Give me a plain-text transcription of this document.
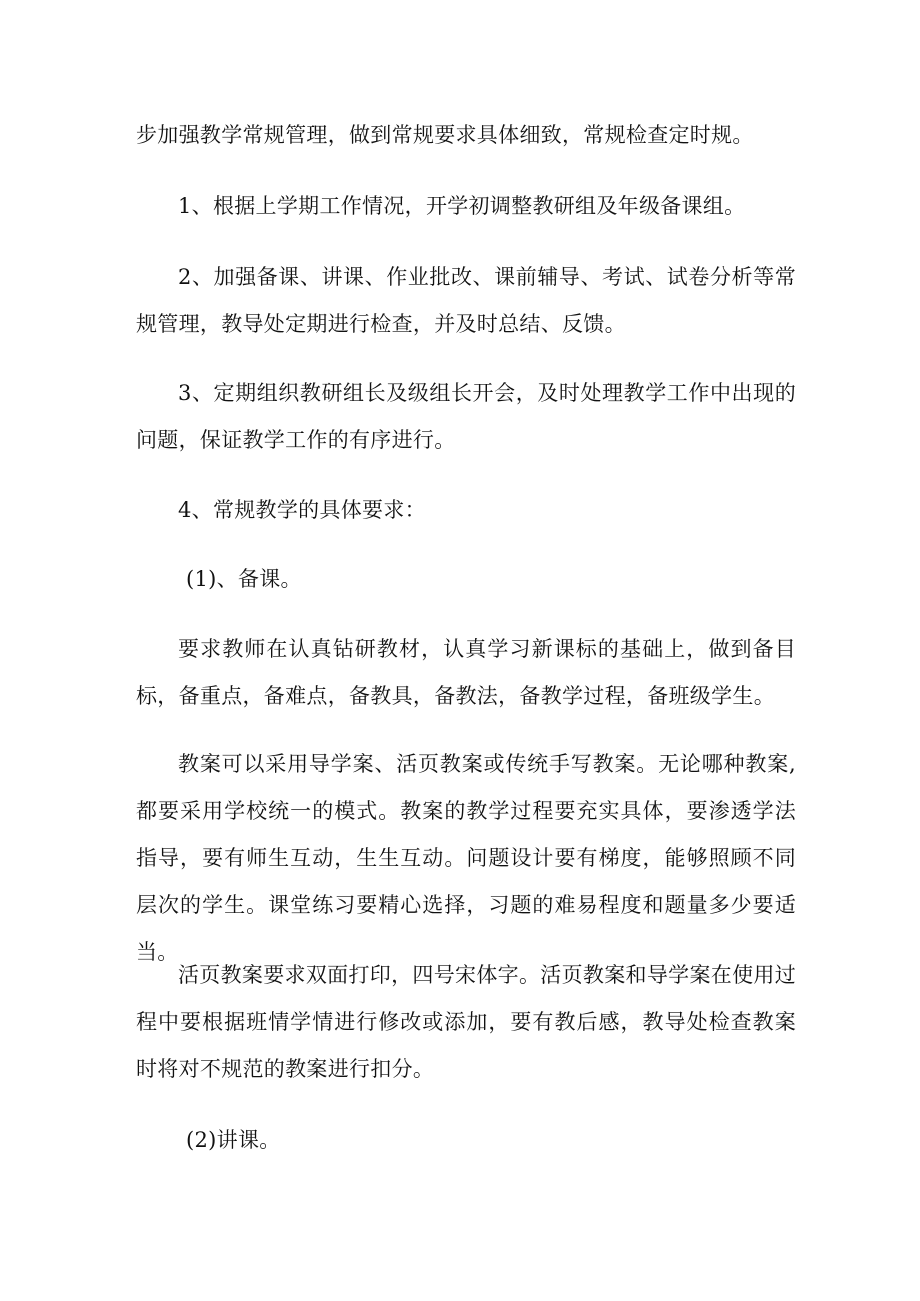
步加强教学常规管理，做到常规要求具体细致，常规检查定时规。

1、根据上学期工作情况，开学初调整教研组及年级备课组。

2、加强备课、讲课、作业批改、课前辅导、考试、试卷分析等常规管理，教导处定期进行检查，并及时总结、反馈。

3、定期组织教研组长及级组长开会，及时处理教学工作中出现的问题，保证教学工作的有序进行。

4、常规教学的具体要求：

(1)、备课。

要求教师在认真钻研教材，认真学习新课标的基础上，做到备目标，备重点，备难点，备教具，备教法，备教学过程，备班级学生。

教案可以采用导学案、活页教案或传统手写教案。无论哪种教案,都要采用学校统一的模式。教案的教学过程要充实具体，要渗透学法指导，要有师生互动，生生互动。问题设计要有梯度，能够照顾不同层次的学生。课堂练习要精心选择，习题的难易程度和题量多少要适当。

活页教案要求双面打印，四号宋体字。活页教案和导学案在使用过程中要根据班情学情进行修改或添加，要有教后感，教导处检查教案时将对不规范的教案进行扣分。

(2)讲课。
